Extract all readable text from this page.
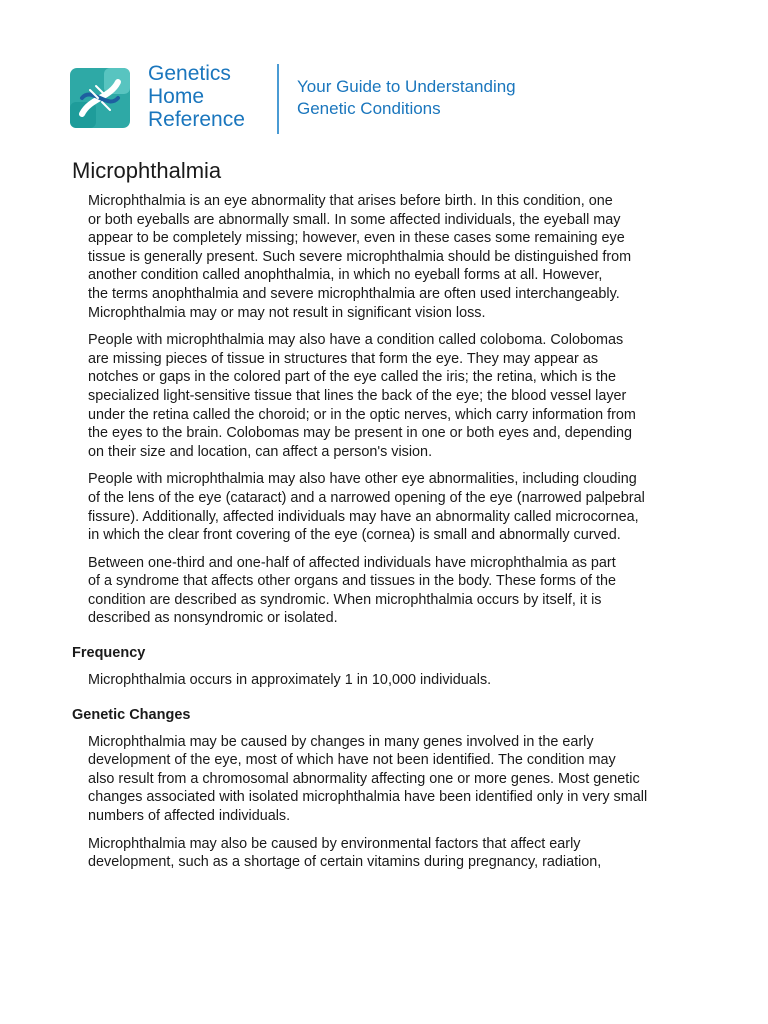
Genetics
Home
Reference
Your Guide to Understanding
Genetic Conditions
Microphthalmia

Microphthalmia is an eye abnormality that arises before birth. In this condition, one
or both eyeballs are abnormally small. In some affected individuals, the eyeball may
appear to be completely missing; however, even in these cases some remaining eye
tissue is generally present. Such severe microphthalmia should be distinguished from
another condition called anophthalmia, in which no eyeball forms at all. However,
the terms anophthalmia and severe microphthalmia are often used interchangeably.
Microphthalmia may or may not result in significant vision loss.

People with microphthalmia may also have a condition called coloboma. Colobomas
are missing pieces of tissue in structures that form the eye. They may appear as
notches or gaps in the colored part of the eye called the iris; the retina, which is the
specialized light-sensitive tissue that lines the back of the eye; the blood vessel layer
under the retina called the choroid; or in the optic nerves, which carry information from
the eyes to the brain. Colobomas may be present in one or both eyes and, depending
on their size and location, can affect a person's vision.

People with microphthalmia may also have other eye abnormalities, including clouding
of the lens of the eye (cataract) and a narrowed opening of the eye (narrowed palpebral
fissure). Additionally, affected individuals may have an abnormality called microcornea,
in which the clear front covering of the eye (cornea) is small and abnormally curved.

Between one-third and one-half of affected individuals have microphthalmia as part
of a syndrome that affects other organs and tissues in the body. These forms of the
condition are described as syndromic. When microphthalmia occurs by itself, it is
described as nonsyndromic or isolated.

Frequency

Microphthalmia occurs in approximately 1 in 10,000 individuals.

Genetic Changes

Microphthalmia may be caused by changes in many genes involved in the early
development of the eye, most of which have not been identified. The condition may
also result from a chromosomal abnormality affecting one or more genes. Most genetic
changes associated with isolated microphthalmia have been identified only in very small
numbers of affected individuals.

Microphthalmia may also be caused by environmental factors that affect early
development, such as a shortage of certain vitamins during pregnancy, radiation,
